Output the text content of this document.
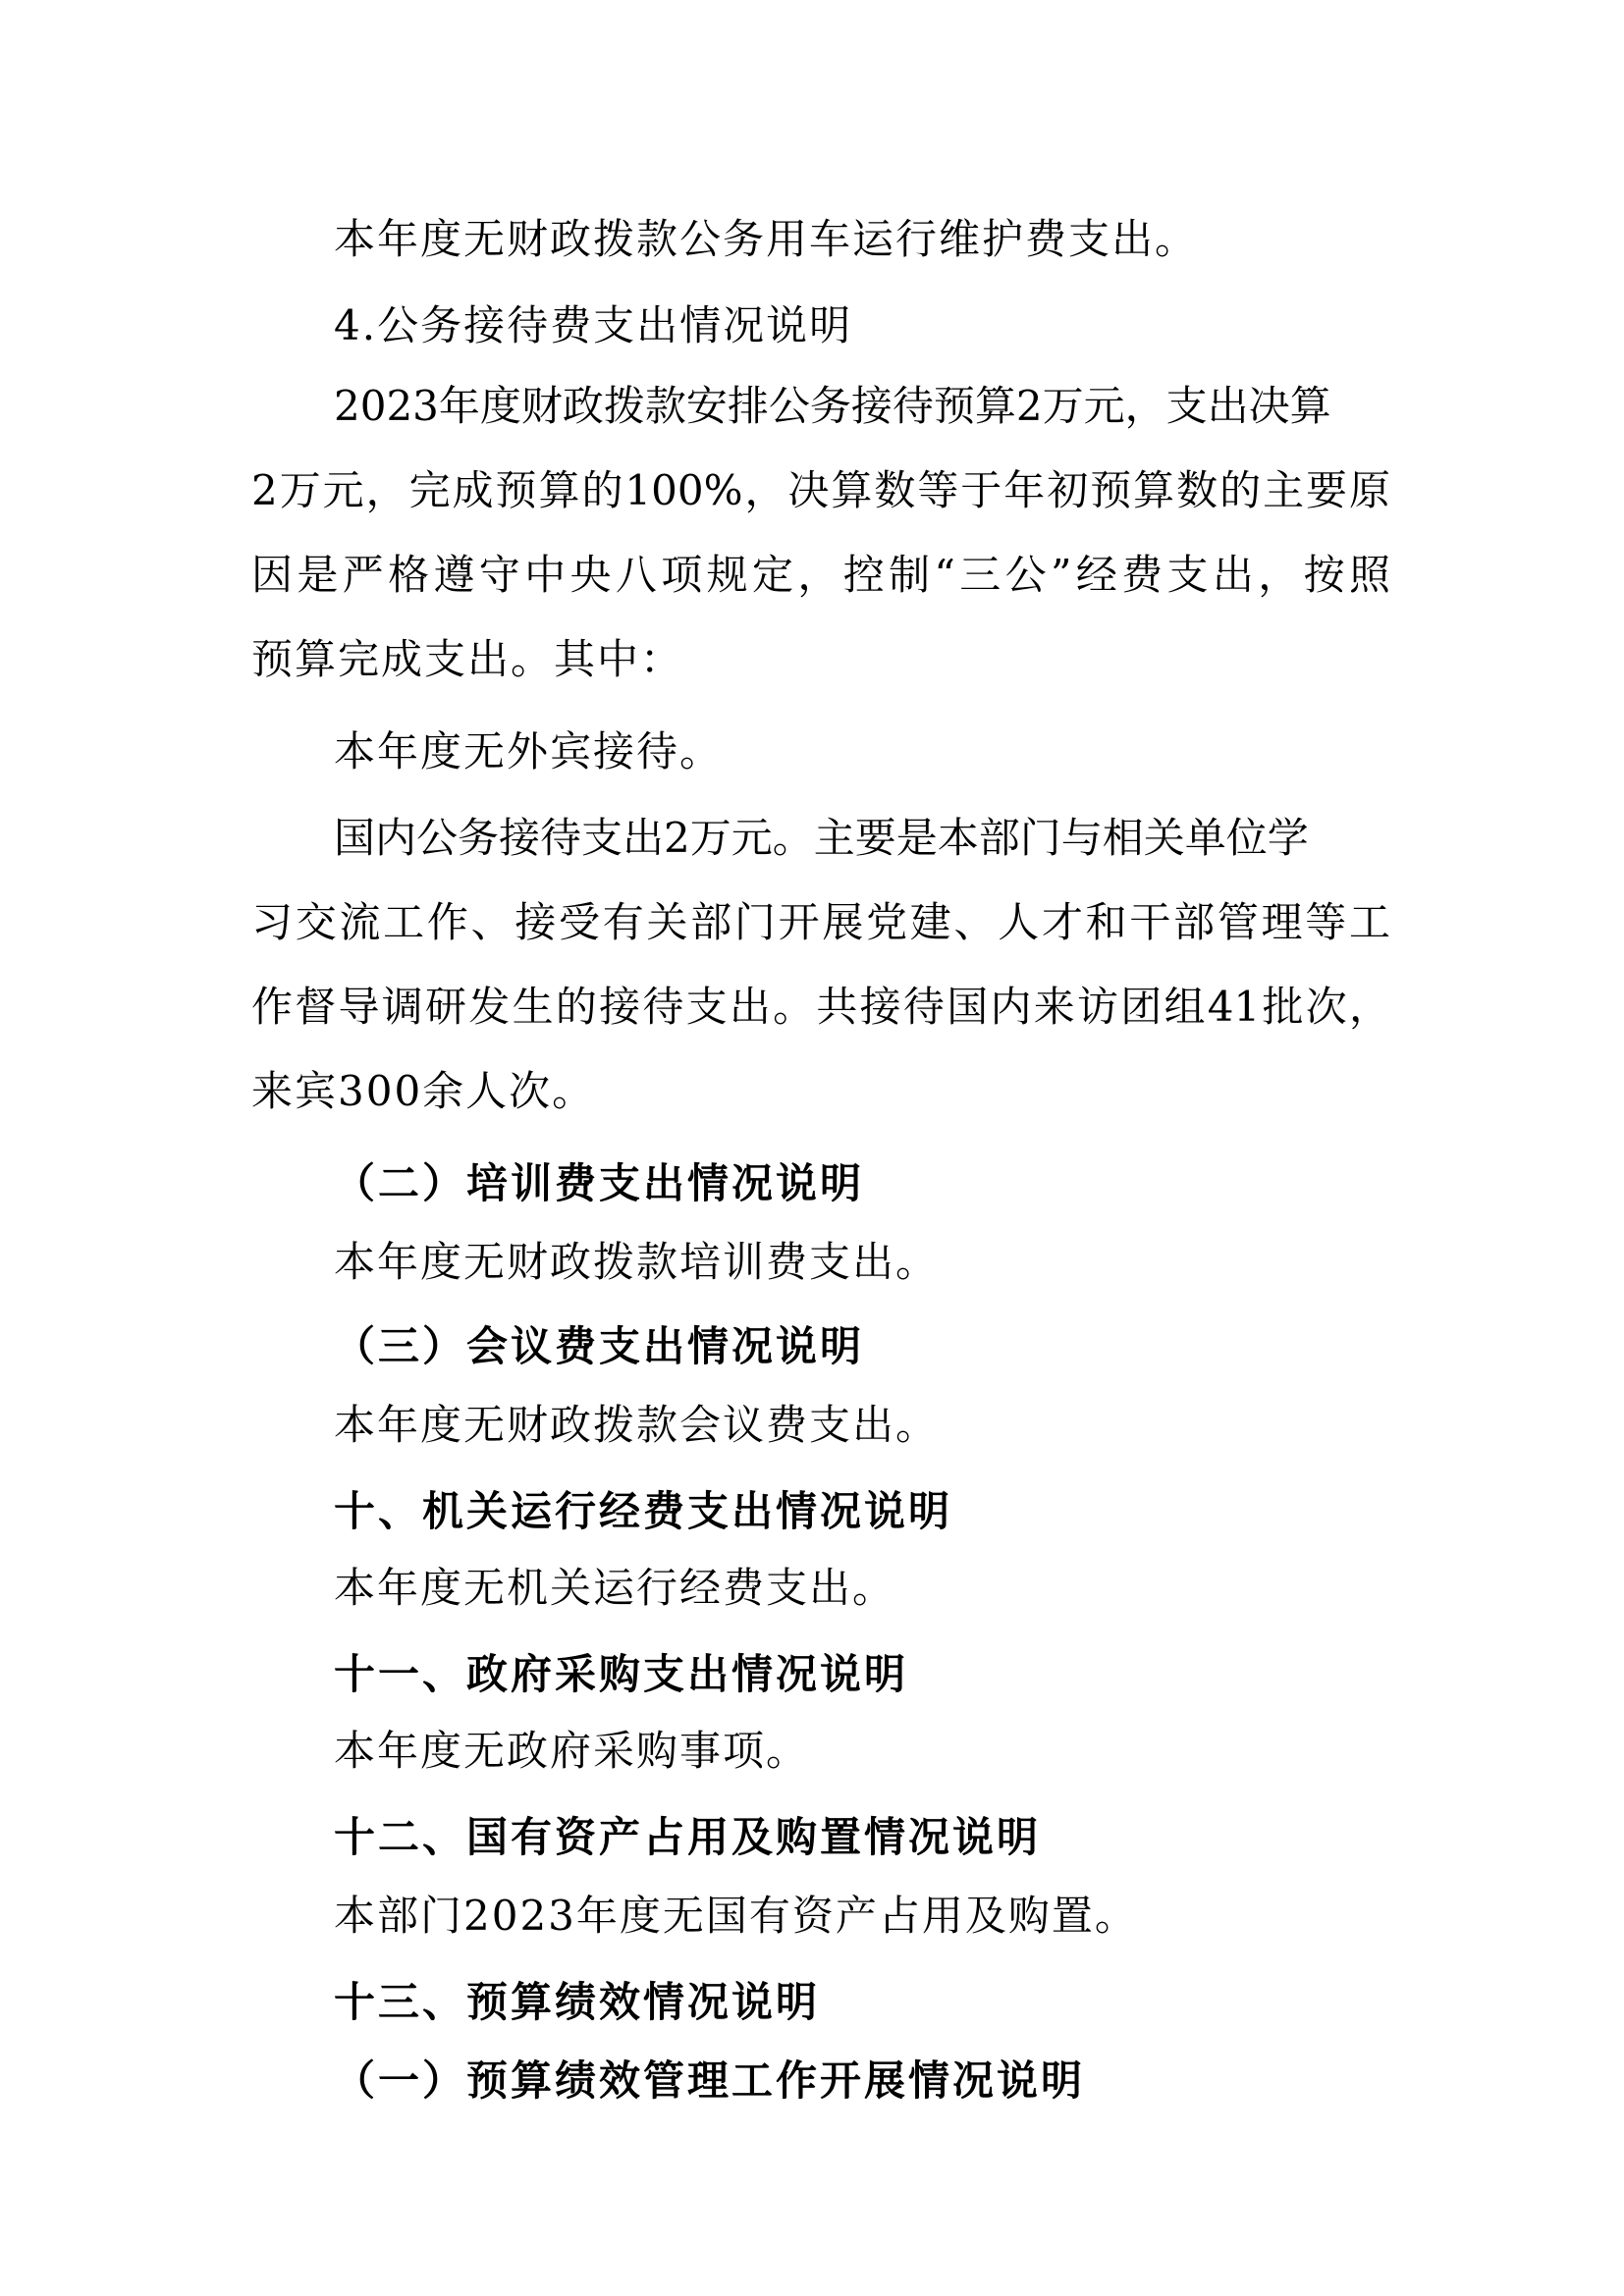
本年度无财政拨款公务用车运行维护费支出。
4.公务接待费支出情况说明
2023年度财政拨款安排公务接待预算2万元，支出决算
2万元，完成预算的100%，决算数等于年初预算数的主要原
因是严格遵守中央八项规定，控制“三公”经费支出，按照
预算完成支出。其中：
本年度无外宾接待。
国内公务接待支出2万元。主要是本部门与相关单位学
习交流工作、接受有关部门开展党建、人才和干部管理等工
作督导调研发生的接待支出。共接待国内来访团组41批次，
来宾300余人次。
（二）培训费支出情况说明
本年度无财政拨款培训费支出。
（三）会议费支出情况说明
本年度无财政拨款会议费支出。
十、机关运行经费支出情况说明
本年度无机关运行经费支出。
十一、政府采购支出情况说明
本年度无政府采购事项。
十二、国有资产占用及购置情况说明
本部门2023年度无国有资产占用及购置。
十三、预算绩效情况说明
（一）预算绩效管理工作开展情况说明
